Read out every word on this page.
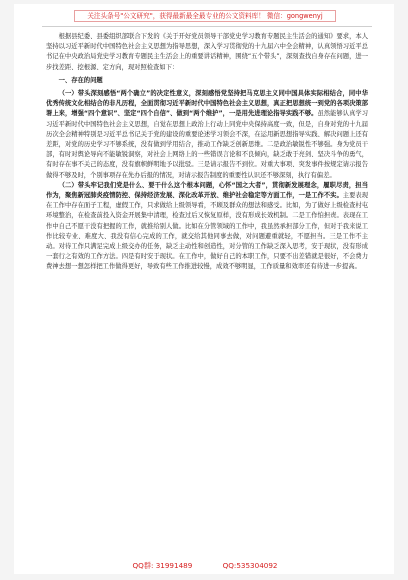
关注头条号"公文研究"，获得最新最全最专业的公文资料库！ 微信：gongwenyj

根据县纪委、县委组织部联合下发的《关于开好党员领导干部党史学习教育专题民主生活会的通知》要求，本人坚持以习近平新时代中国特色社会主义思想为指导思想，深入学习贯彻党的十九届六中全会精神，认真领悟习近平总书记在中央政治局党史学习教育专题民主生活会上的重要讲话精神，围绕“五个带头”，深刻查找自身存在问题，进一步找差距、挖根源、定方向，现对照检查如下：

一、存在的问题

（一）带头深刻感悟“两个确立”的决定性意义，深刻感悟党坚持把马克思主义同中国具体实际相结合，同中华优秀传统文化相结合的非凡历程，全面贯彻习近平新时代中国特色社会主义思想，真正把思想统一到党的各项决策部署上来，增强“四个意识”、坚定“四个自信”、做到“两个维护”，一是用先进理论指导实践不够。虽然能够认真学习习近平新时代中国特色社会主义思想，自觉在思想上政治上行动上同党中央保持高度一致，但是，自身对党的十九届历次全会精神特别是习近平总书记关于党的建设的重要论述学习领会不深，在运用新思想指导实践、解决问题上还有差距，对党的历史学习不够系统，没有做到学用结合，推动工作缺乏创新思维。二是政治敏锐性不够强。身为党员干部，有时对舆论导向不能敏锐洞察，对社会上网络上的一些错误言论和不良倾向，缺乏敢于亮剑、坚决斗争的勇气，有时存在事不关己的态度，没有旗帜鲜明地予以批驳。三是请示报告不到位。对重大事项、突发事件按规定请示报告做得不够及时，个别事项存在先办后报的情况，对请示报告制度的重要性认识还不够深刻，执行有偏差。

（二）带头牢记我们党是什么、要干什么这个根本问题，心怀“国之大者”，贯彻新发展理念，履职尽责，担当作为，聚焦新冠肺炎疫情防控、保持经济发展、深化改革开放、维护社会稳定等方面工作，一是工作不实。主要表现在工作中存在面子工程，虚假工作，只求做给上级领导看，不顾及群众的想法和感受。比如，为了做好上级检查村屯环境整治，在检查前投入资金开展集中清理，检查过后又恢复原样，没有形成长效机制。二是工作怕担责。表现在工作中自己不愿干没有把握的工作，就推给别人做。比如在分管领域的工作中，我虽然承担部分工作，但对于我来说工作比较专业、难度大、我没有信心完成的工作，就交给其他同事去做，对问题避重就轻，不愿担当。三是工作不主动。对待工作只满足完成上级交办的任务，缺乏主动性和创造性，对分管的工作缺乏深入思考，安于现状，没有形成一套行之有效的工作方法。四是有时安于现状。在工作中，做好自己的本职工作，只要不出差错就是很好，不会费力费神去想一想怎样把工作做得更好，导致有些工作推进较慢，成效不够明显，工作质量和效率还有待进一步提高。

QQ群: 31991489	QQ:535304092
